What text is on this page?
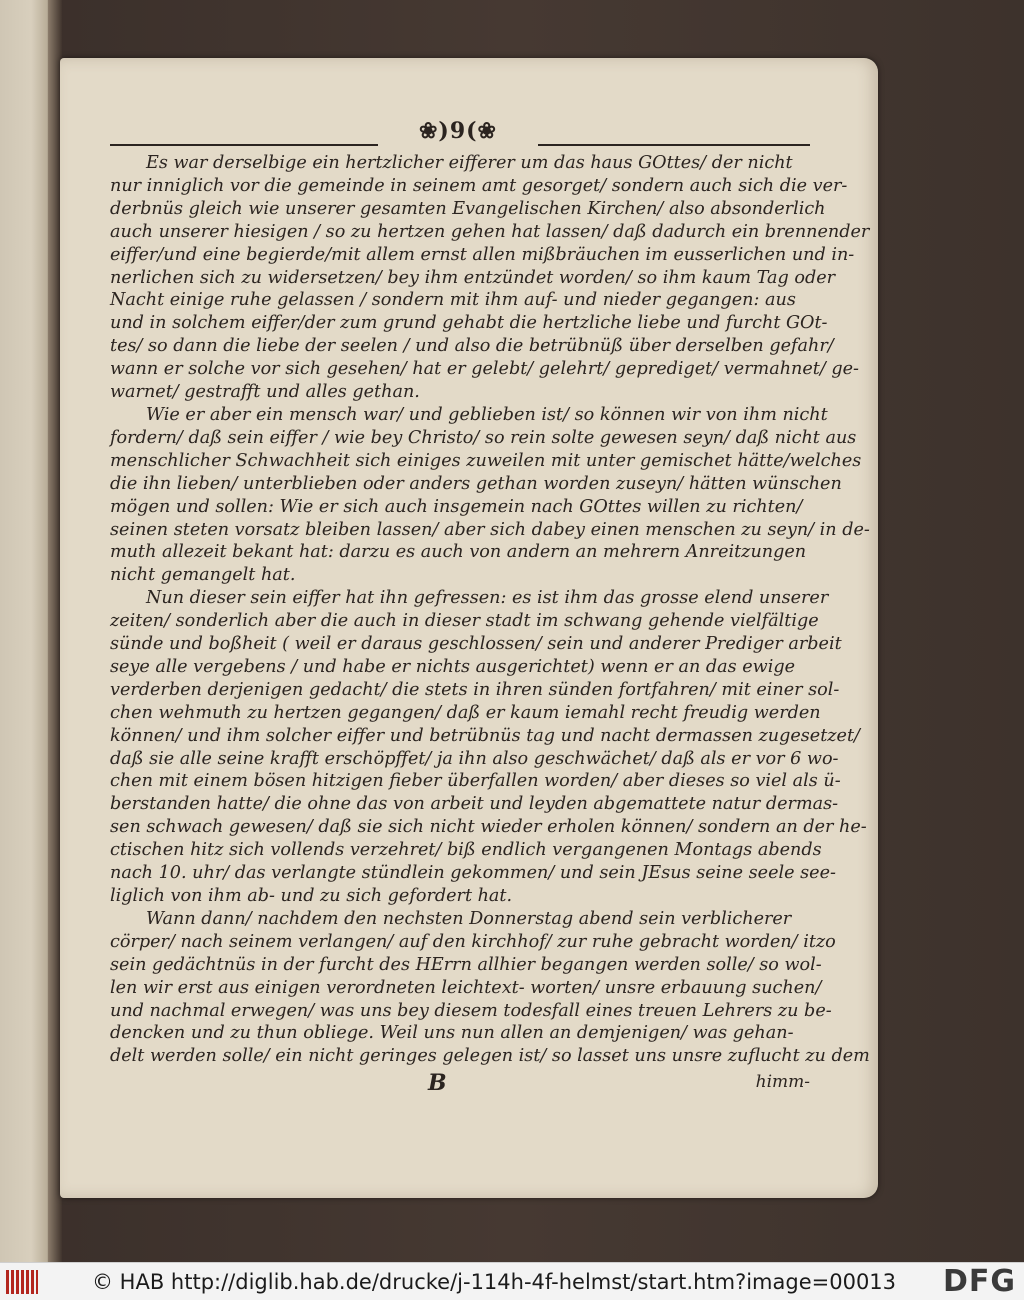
❀)9(❀
Es war derselbige ein hertzlicher eifferer um das haus GOttes/ der nicht
nur inniglich vor die gemeinde in seinem amt gesorget/ sondern auch sich die ver-
derbnüs gleich wie unserer gesamten Evangelischen Kirchen/ also absonderlich
auch unserer hiesigen / so zu hertzen gehen hat lassen/ daß dadurch ein brennender
eiffer/und eine begierde/mit allem ernst allen mißbräuchen im eusserlichen und in-
nerlichen sich zu widersetzen/ bey ihm entzündet worden/ so ihm kaum Tag oder
Nacht einige ruhe gelassen / sondern mit ihm auf- und nieder gegangen: aus
und in solchem eiffer/der zum grund gehabt die hertzliche liebe und furcht GOt-
tes/ so dann die liebe der seelen / und also die betrübnüß über derselben gefahr/
wann er solche vor sich gesehen/ hat er gelebt/ gelehrt/ geprediget/ vermahnet/ ge-
warnet/ gestrafft und alles gethan.
Wie er aber ein mensch war/ und geblieben ist/ so können wir von ihm nicht
fordern/ daß sein eiffer / wie bey Christo/ so rein solte gewesen seyn/ daß nicht aus
menschlicher Schwachheit sich einiges zuweilen mit unter gemischet hätte/welches
die ihn lieben/ unterblieben oder anders gethan worden zuseyn/ hätten wünschen
mögen und sollen: Wie er sich auch insgemein nach GOttes willen zu richten/
seinen steten vorsatz bleiben lassen/ aber sich dabey einen menschen zu seyn/ in de-
muth allezeit bekant hat: darzu es auch von andern an mehrern Anreitzungen
nicht gemangelt hat.
Nun dieser sein eiffer hat ihn gefressen: es ist ihm das grosse elend unserer
zeiten/ sonderlich aber die auch in dieser stadt im schwang gehende vielfältige
sünde und boßheit ( weil er daraus geschlossen/ sein und anderer Prediger arbeit
seye alle vergebens / und habe er nichts ausgerichtet) wenn er an das ewige
verderben derjenigen gedacht/ die stets in ihren sünden fortfahren/ mit einer sol-
chen wehmuth zu hertzen gegangen/ daß er kaum iemahl recht freudig werden
können/ und ihm solcher eiffer und betrübnüs tag und nacht dermassen zugesetzet/
daß sie alle seine krafft erschöpffet/ ja ihn also geschwächet/ daß als er vor 6 wo-
chen mit einem bösen hitzigen fieber überfallen worden/ aber dieses so viel als ü-
berstanden hatte/ die ohne das von arbeit und leyden abgemattete natur dermas-
sen schwach gewesen/ daß sie sich nicht wieder erholen können/ sondern an der he-
ctischen hitz sich vollends verzehret/ biß endlich vergangenen Montags abends
nach 10. uhr/ das verlangte stündlein gekommen/ und sein JEsus seine seele see-
liglich von ihm ab- und zu sich gefordert hat.
Wann dann/ nachdem den nechsten Donnerstag abend sein verblicherer
cörper/ nach seinem verlangen/ auf den kirchhof/ zur ruhe gebracht worden/ itzo
sein gedächtnüs in der furcht des HErrn allhier begangen werden solle/ so wol-
len wir erst aus einigen verordneten leichtext- worten/ unsre erbauung suchen/
und nachmal erwegen/ was uns bey diesem todesfall eines treuen Lehrers zu be-
dencken und zu thun obliege. Weil uns nun allen an demjenigen/ was gehan-
delt werden solle/ ein nicht geringes gelegen ist/ so lasset uns unsre zuflucht zu dem
B	himm-
© HAB http://diglib.hab.de/drucke/j-114h-4f-helmst/start.htm?image=00013 DFG
